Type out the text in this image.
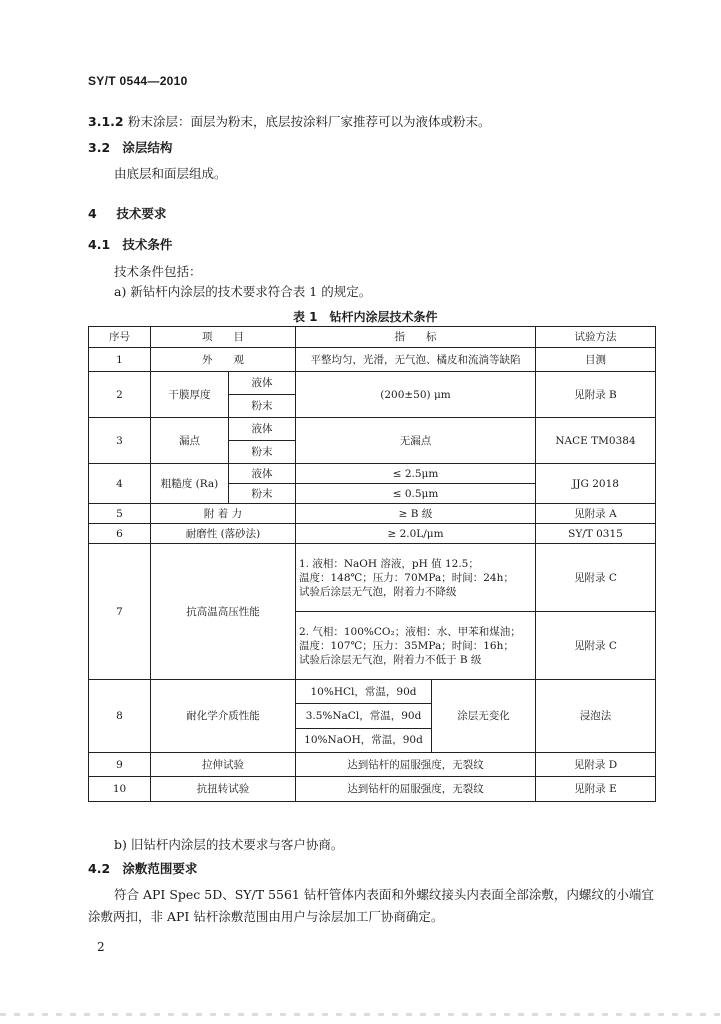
SY/T 0544—2010
3.1.2 粉末涂层：面层为粉末，底层按涂料厂家推荐可以为液体或粉末。
3.2 涂层结构
由底层和面层组成。
4 技术要求
4.1 技术条件
技术条件包括：
a) 新钻杆内涂层的技术要求符合表 1 的规定。
表 1　钻杆内涂层技术条件
序号	项　　目		指　　标	试验方法
1	外　　观		平整均匀，光滑，无气泡、橘皮和流淌等缺陷	目测
2	干膜厚度	液体	(200±50) μm	见附录 B
		粉末		
3	漏点	液体	无漏点	NACE TM0384
		粉末		
4	粗糙度 (Ra)	液体	≤ 2.5μm	JJG 2018
		粉末	≤ 0.5μm	
5	附 着 力		≥ B 级	见附录 A
6	耐磨性 (落砂法)		≥ 2.0L/μm	SY/T 0315
7	抗高温高压性能		1. 液相：NaOH 溶液，pH 值 12.5；
温度：148℃；压力：70MPa；时间：24h；
试验后涂层无气泡，附着力不降级	见附录 C

			2. 气相：100%CO₂；液相：水、甲苯和煤油；
温度：107℃；压力：35MPa；时间：16h；
试验后涂层无气泡，附着力不低于 B 级	见附录 C
8	耐化学介质性能		10%HCl，常温，90d
3.5%NaCl，常温，90d
10%NaOH，常温，90d
涂层无变化	浸泡法

9	拉伸试验		达到钻杆的屈服强度，无裂纹	见附录 D
10	抗扭转试验		达到钻杆的屈服强度，无裂纹	见附录 E
b) 旧钻杆内涂层的技术要求与客户协商。
4.2 涂敷范围要求
符合 API Spec 5D、SY/T 5561 钻杆管体内表面和外螺纹接头内表面全部涂敷，内螺纹的小端宜
涂敷两扣，非 API 钻杆涂敷范围由用户与涂层加工厂协商确定。
2
